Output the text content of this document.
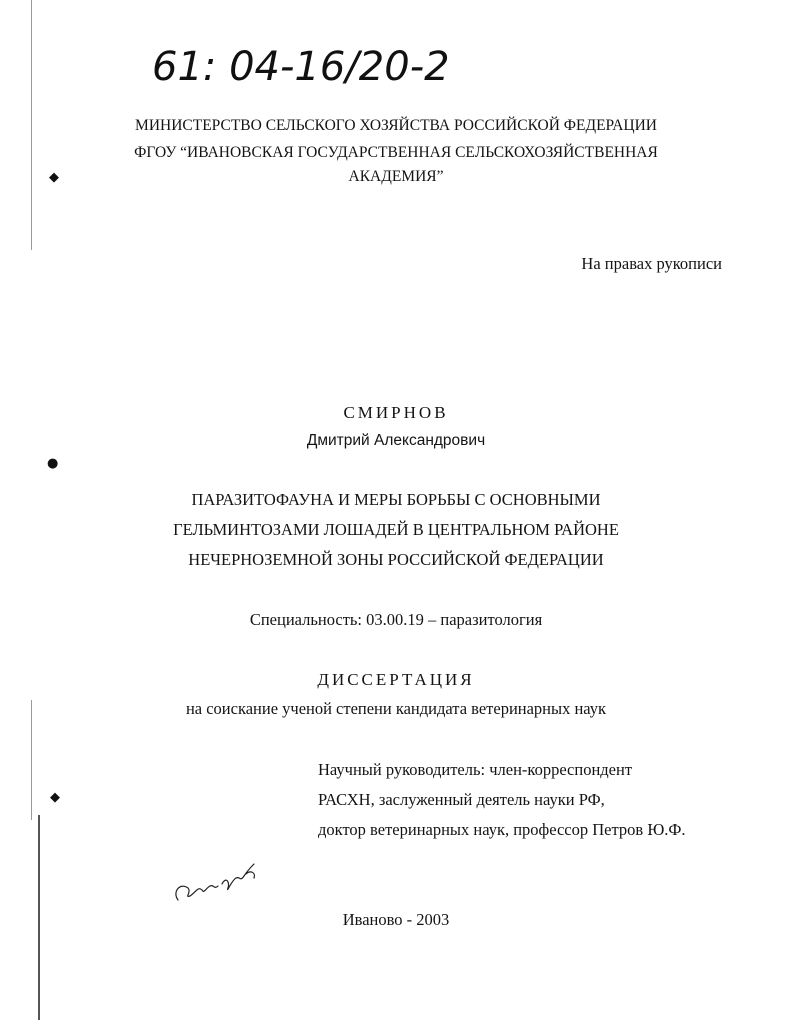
◆
●
◆
61: 04-16/20-2
МИНИСТЕРСТВО СЕЛЬСКОГО ХОЗЯЙСТВА РОССИЙСКОЙ ФЕДЕРАЦИИ
ФГОУ “ИВАНОВСКАЯ ГОСУДАРСТВЕННАЯ СЕЛЬСКОХОЗЯЙСТВЕННАЯ
АКАДЕМИЯ”
На правах рукописи
СМИРНОВ
Дмитрий Александрович
ПАРАЗИТОФАУНА И МЕРЫ БОРЬБЫ С ОСНОВНЫМИ
ГЕЛЬМИНТОЗАМИ ЛОШАДЕЙ В ЦЕНТРАЛЬНОМ РАЙОНЕ
НЕЧЕРНОЗЕМНОЙ ЗОНЫ РОССИЙСКОЙ ФЕДЕРАЦИИ
Специальность: 03.00.19 – паразитология
ДИССЕРТАЦИЯ
на соискание ученой степени кандидата ветеринарных наук
Научный руководитель: член-корреспондент
РАСХН, заслуженный деятель науки РФ,
доктор ветеринарных наук, профессор Петров Ю.Ф.
Иваново - 2003
